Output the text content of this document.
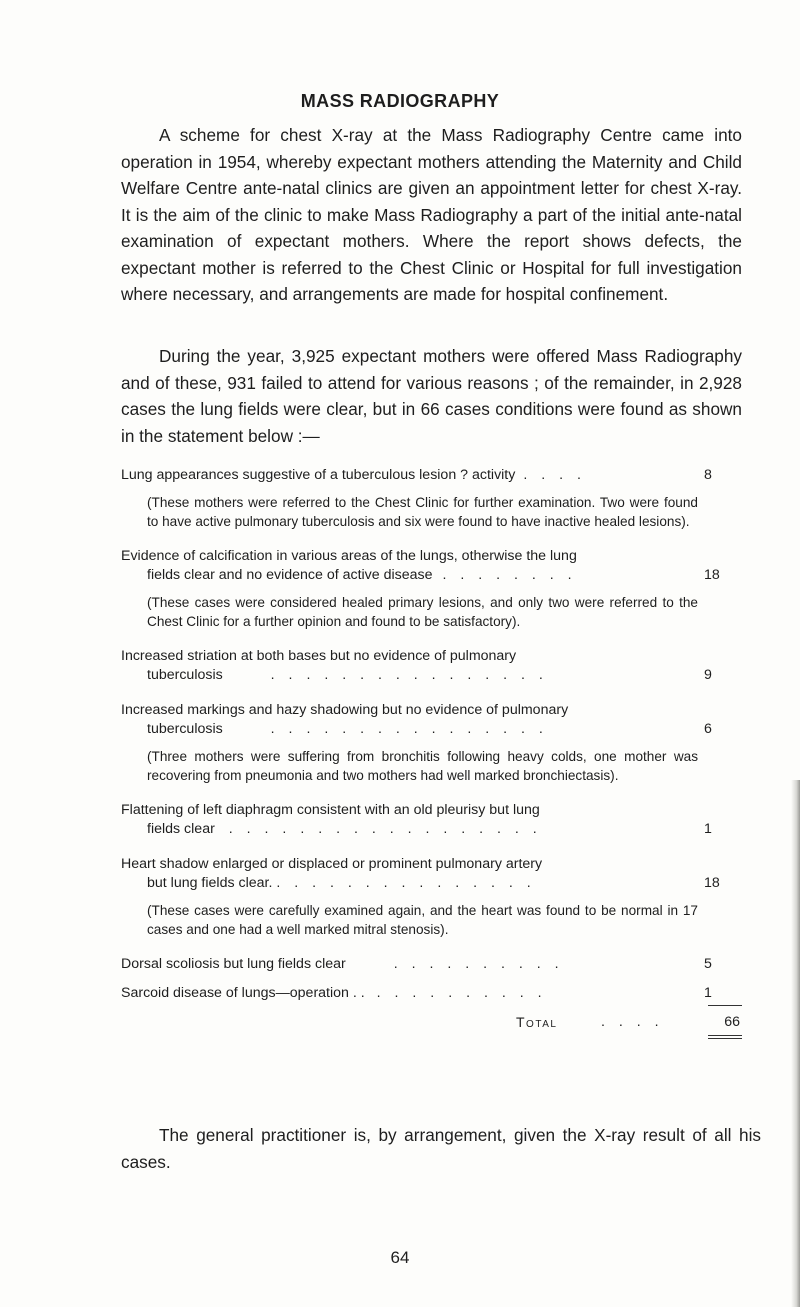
MASS RADIOGRAPHY

A scheme for chest X-ray at the Mass Radiography Centre came into operation in 1954, whereby expectant mothers attending the Maternity and Child Welfare Centre ante-natal clinics are given an appointment letter for chest X-ray. It is the aim of the clinic to make Mass Radiography a part of the initial ante-natal examination of expectant mothers. Where the report shows defects, the expectant mother is referred to the Chest Clinic or Hospital for full investigation where necessary, and arrangements are made for hospital confinement.

During the year, 3,925 expectant mothers were offered Mass Radiography and of these, 931 failed to attend for various reasons ; of the remainder, in 2,928 cases the lung fields were clear, but in 66 cases conditions were found as shown in the statement below :—

Lung appearances suggestive of a tuberculous lesion ? activity . . . .	8
(These mothers were referred to the Chest Clinic for further examination. Two were found to have active pulmonary tuberculosis and six were found to have inactive healed lesions).
Evidence of calcification in various areas of the lungs, otherwise the lung
fields clear and no evidence of active disease . . . . . . . .	18
(These cases were considered healed primary lesions, and only two were referred to the Chest Clinic for a further opinion and found to be satisfactory).
Increased striation at both bases but no evidence of pulmonary
tuberculosis	. . . . . . . . . . . . . . . .	9
Increased markings and hazy shadowing but no evidence of pulmonary
tuberculosis	. . . . . . . . . . . . . . . .	6
(Three mothers were suffering from bronchitis following heavy colds, one mother was recovering from pneumonia and two mothers had well marked bronchiectasis).
Flattening of left diaphragm consistent with an old pleurisy but lung
fields clear . . . . . . . . . . . . . . . . . .	1
Heart shadow enlarged or displaced or prominent pulmonary artery
but lung fields clear. . . . . . . . . . . . . . . .	18
(These cases were carefully examined again, and the heart was found to be normal in 17 cases and one had a well marked mitral stenosis).
Dorsal scoliosis but lung fields clear	. . . . . . . . . .	5
Sarcoid disease of lungs—operation . . . . . . . . . . . .	1
Total	. . . .	66

The general practitioner is, by arrangement, given the X-ray result of all his cases.

64
